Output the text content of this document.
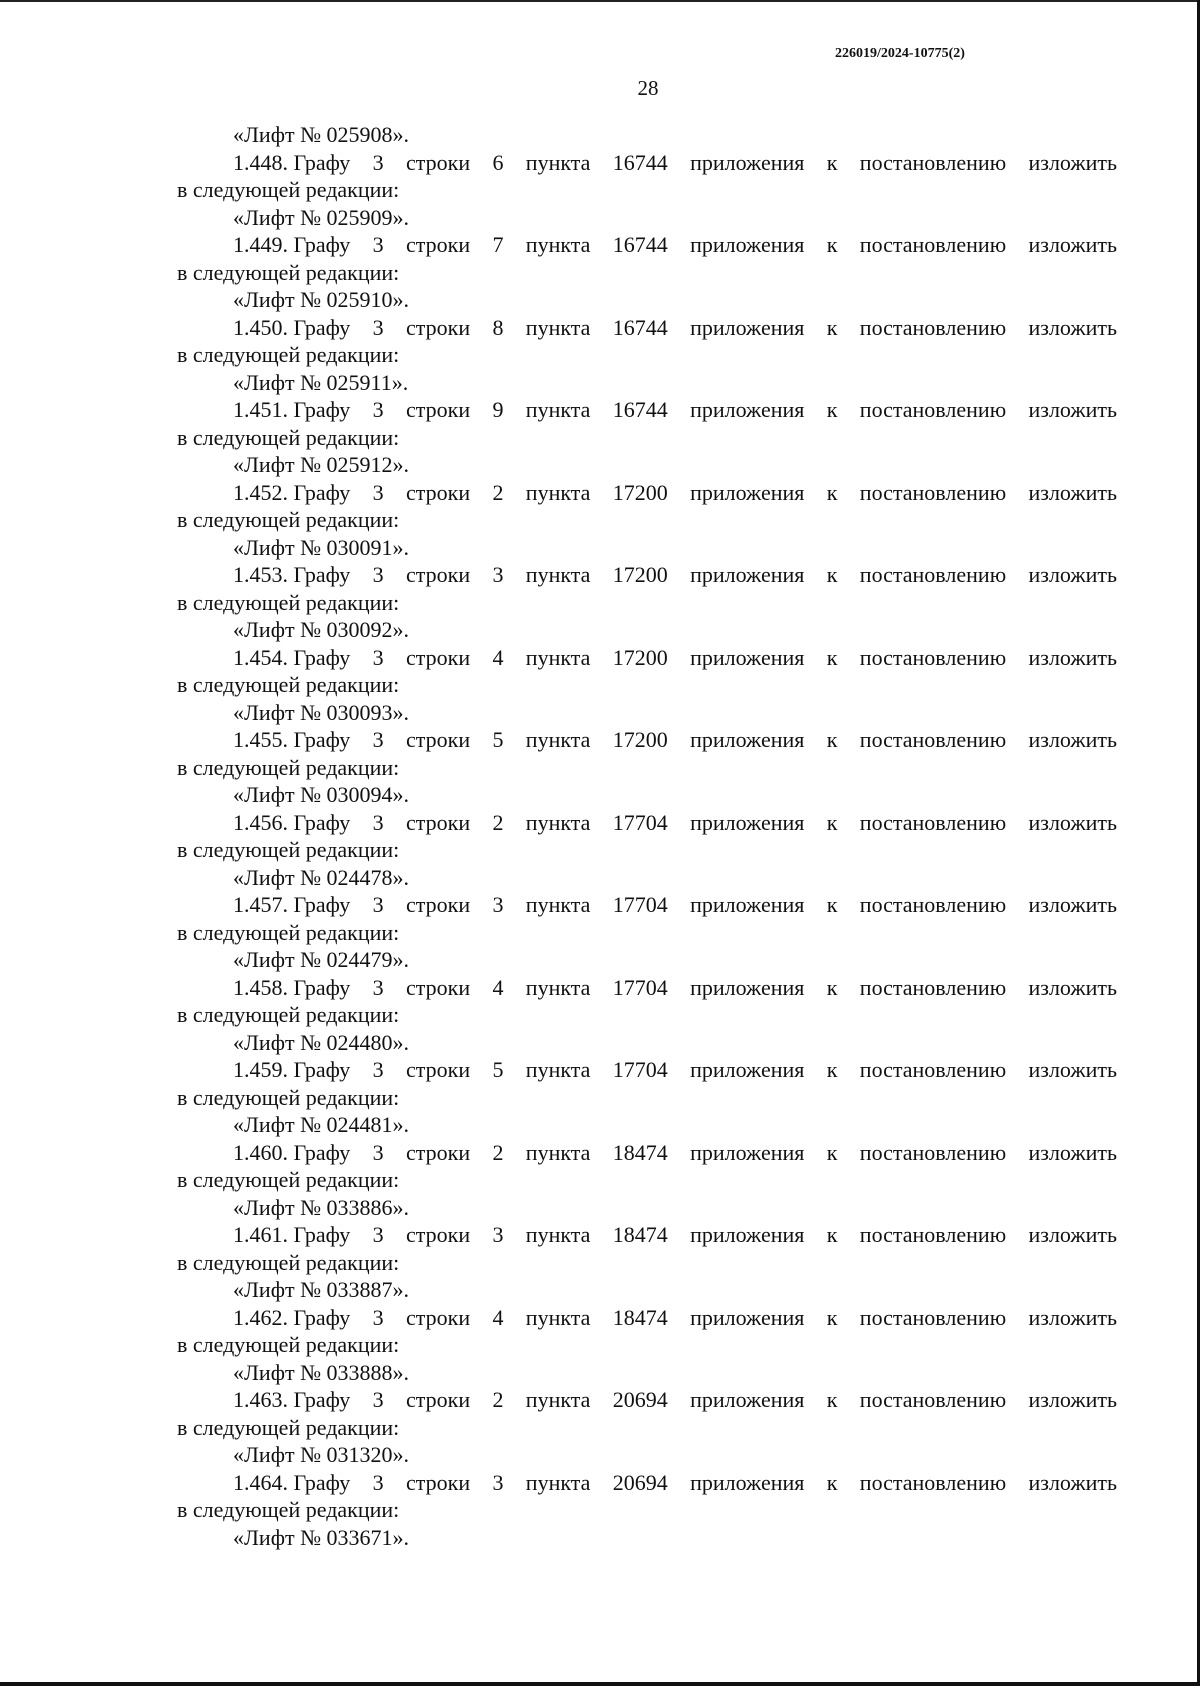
226019/2024-10775(2)
28
«Лифт № 025908».
1.448. Графу 3 строки 6 пункта 16744 приложения к постановлению изложить
в следующей редакции:
«Лифт № 025909».
1.449. Графу 3 строки 7 пункта 16744 приложения к постановлению изложить
в следующей редакции:
«Лифт № 025910».
1.450. Графу 3 строки 8 пункта 16744 приложения к постановлению изложить
в следующей редакции:
«Лифт № 025911».
1.451. Графу 3 строки 9 пункта 16744 приложения к постановлению изложить
в следующей редакции:
«Лифт № 025912».
1.452. Графу 3 строки 2 пункта 17200 приложения к постановлению изложить
в следующей редакции:
«Лифт № 030091».
1.453. Графу 3 строки 3 пункта 17200 приложения к постановлению изложить
в следующей редакции:
«Лифт № 030092».
1.454. Графу 3 строки 4 пункта 17200 приложения к постановлению изложить
в следующей редакции:
«Лифт № 030093».
1.455. Графу 3 строки 5 пункта 17200 приложения к постановлению изложить
в следующей редакции:
«Лифт № 030094».
1.456. Графу 3 строки 2 пункта 17704 приложения к постановлению изложить
в следующей редакции:
«Лифт № 024478».
1.457. Графу 3 строки 3 пункта 17704 приложения к постановлению изложить
в следующей редакции:
«Лифт № 024479».
1.458. Графу 3 строки 4 пункта 17704 приложения к постановлению изложить
в следующей редакции:
«Лифт № 024480».
1.459. Графу 3 строки 5 пункта 17704 приложения к постановлению изложить
в следующей редакции:
«Лифт № 024481».
1.460. Графу 3 строки 2 пункта 18474 приложения к постановлению изложить
в следующей редакции:
«Лифт № 033886».
1.461. Графу 3 строки 3 пункта 18474 приложения к постановлению изложить
в следующей редакции:
«Лифт № 033887».
1.462. Графу 3 строки 4 пункта 18474 приложения к постановлению изложить
в следующей редакции:
«Лифт № 033888».
1.463. Графу 3 строки 2 пункта 20694 приложения к постановлению изложить
в следующей редакции:
«Лифт № 031320».
1.464. Графу 3 строки 3 пункта 20694 приложения к постановлению изложить
в следующей редакции:
«Лифт № 033671».
